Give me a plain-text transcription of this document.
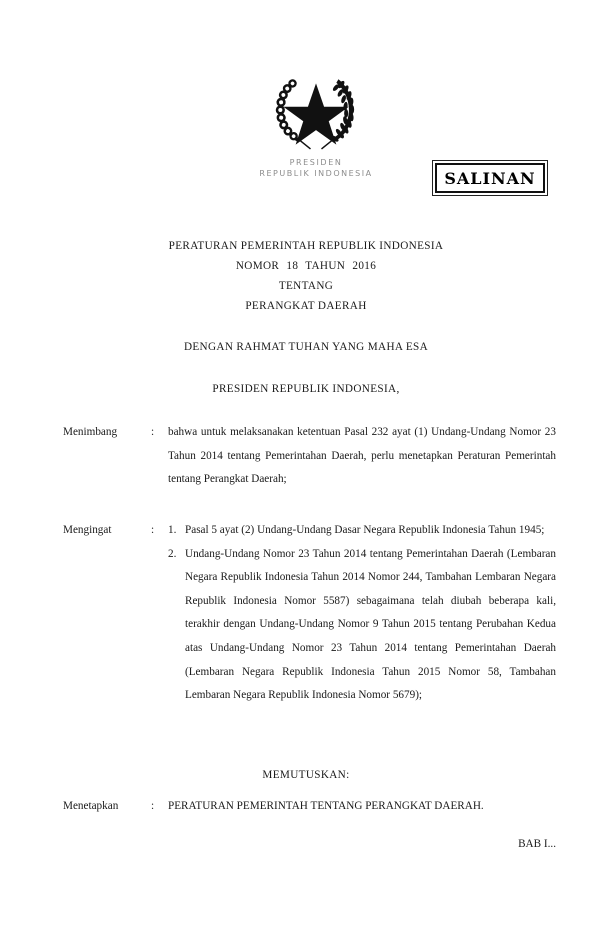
PRESIDEN
REPUBLIK INDONESIA	SALINAN
PERATURAN PEMERINTAH REPUBLIK INDONESIA
NOMOR 18 TAHUN 2016
TENTANG
PERANGKAT DAERAH
DENGAN RAHMAT TUHAN YANG MAHA ESA
PRESIDEN REPUBLIK INDONESIA,
Menimbang	:	bahwa untuk melaksanakan ketentuan Pasal 232 ayat (1) Undang-Undang Nomor 23 Tahun 2014 tentang Pemerintahan Daerah, perlu menetapkan Peraturan Pemerintah tentang Perangkat Daerah;

Mengingat	:	1. Pasal 5 ayat (2) Undang-Undang Dasar Negara Republik Indonesia Tahun 1945;
2. Undang-Undang Nomor 23 Tahun 2014 tentang Pemerintahan Daerah (Lembaran Negara Republik Indonesia Tahun 2014 Nomor 244, Tambahan Lembaran Negara Republik Indonesia Nomor 5587) sebagaimana telah diubah beberapa kali, terakhir dengan Undang-Undang Nomor 9 Tahun 2015 tentang Perubahan Kedua atas Undang-Undang Nomor 23 Tahun 2014 tentang Pemerintahan Daerah (Lembaran Negara Republik Indonesia Tahun 2015 Nomor 58, Tambahan Lembaran Negara Republik Indonesia Nomor 5679);
MEMUTUSKAN:
Menetapkan	:	PERATURAN PEMERINTAH TENTANG PERANGKAT DAERAH.

BAB I...
